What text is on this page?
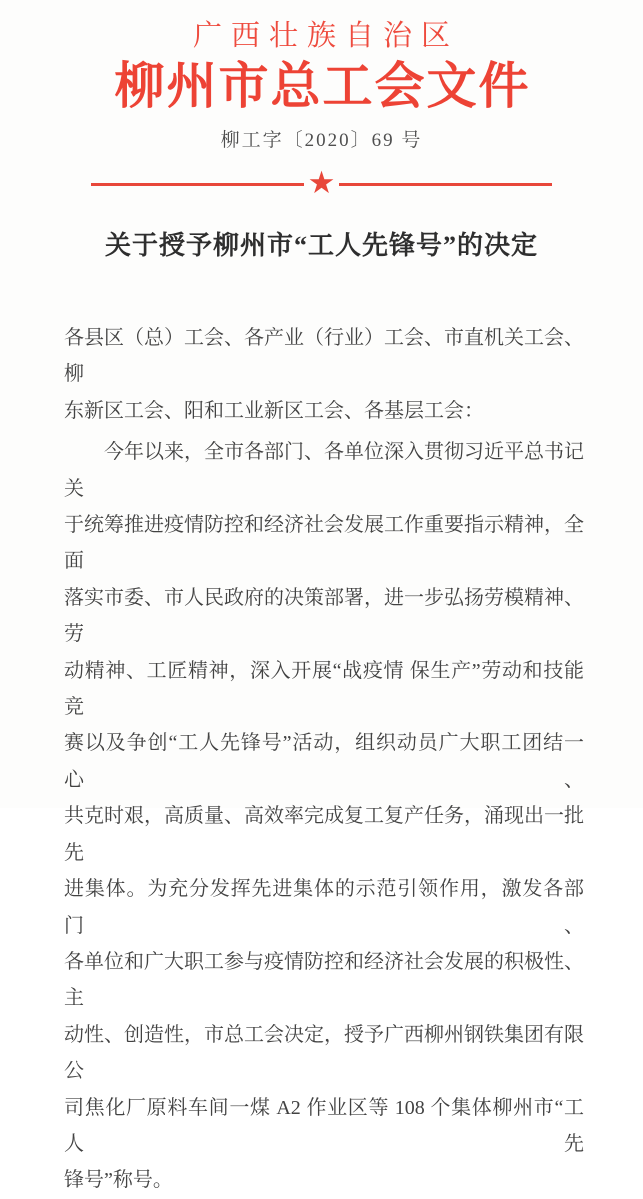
广西壮族自治区
柳州市总工会文件
柳工字〔2020〕69 号
★
关于授予柳州市“工人先锋号”的决定
各县区（总）工会、各产业（行业）工会、市直机关工会、柳
东新区工会、阳和工业新区工会、各基层工会：
今年以来，全市各部门、各单位深入贯彻习近平总书记关
于统筹推进疫情防控和经济社会发展工作重要指示精神，全面
落实市委、市人民政府的决策部署，进一步弘扬劳模精神、劳
动精神、工匠精神，深入开展“战疫情 保生产”劳动和技能竞
赛以及争创“工人先锋号”活动，组织动员广大职工团结一心、
共克时艰，高质量、高效率完成复工复产任务，涌现出一批先
进集体。为充分发挥先进集体的示范引领作用，激发各部门、
各单位和广大职工参与疫情防控和经济社会发展的积极性、主
动性、创造性，市总工会决定，授予广西柳州钢铁集团有限公
司焦化厂原料车间一煤 A2 作业区等 108 个集体柳州市“工人先
锋号”称号。
